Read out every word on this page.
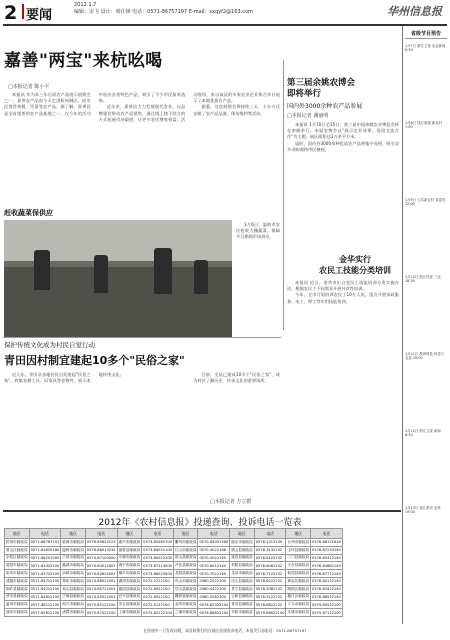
2 要闻
2012.1.7
编辑：宋飞 设计：蔡仕锋 电话：0571-86757197 E-mail：sxqyf2@163.com	华州信息报
嘉善"两宝"来杭吆喝
□本报记者 陈小平

本报讯 作为本三年后原农产品展示展销会之一，嘉善农产品再今天走进杭州城区，向市民推荐黄桃、雪菜等农产品。据了解，嘉善县是全省重要的农产品基地之一，在今年的活动中展出各类特色产品，吸引了不少市民前来选购。

近年来，嘉善县大力发展现代农业，以品牌建设带动农产品销售，通过线上线下结合的方式拓展市场渠道，让更多农民增收致富。活动现场，来自该县的多家农业企业和合作社展示了本地优质农产品。

据悉，这次展销会将持续三天，主办方还安排了农产品品鉴、现场签约等活动。

第三届余姚农博会
即将举行
国内外3000余种农产品参展
□本报记者 谢丽明

本报讯 1月10日至15日，第三届中国余姚农业博览会将在余姚举行。本届农博会以"展示农业成果、促进交流合作"为主题，展区面积达3万余平方米。

届时，国内外3000余种优质农产品将集中亮相，吸引众多采购商和市民参观。

赶收蔬菜保供应

1月6日，温岭市农民抢收大棚蔬菜，保障节日期间市场供应。

金华实行
农民工技能分类培训

本报讯 近日，金华市出台农民工技能培训分类实施办法，根据农民工不同需求开展针对性培训。

今年，全市计划培训农民工10万人次，重点开展家政服务、电工、焊工等实用技能培训。

保护传统文化成为村民自觉行动
青田因村制宜建起10多个"民俗之家"

近几年，青田县各地村民自发建起"民俗之家"，收集农耕工具、旧家具等老物件，展示本地传统文化。	目前，全县已建成10多个"民俗之家"，成为村民了解历史、传承文化的重要场所。

□本报记者 方立群
2012年《农村信息报》投递查询、投诉电话一览表
地区	电话	地区	电话	地区	电话	地区	电话	地区	电话	地区	电话
杭州市邮政局	0571-86767191	临海市邮政局	0576-85623123	嘉兴市邮政局	0573-82083700	衢州市邮政局	0570-83051560	丽水市邮政局	0578-2313130	台州市邮政局	0576-88121616
萧山区邮政局	0571-82620180	温岭市邮政局	0576-86013232	嘉善县邮政局	0573-84052100	江山市邮政局	0570-4022188	缙云县邮政局	0578-3132132	玉环县邮政局	0576-87233140
余杭区邮政局	0571-86207000	宁波市邮政局	0574-87100000	平湖市邮政局	0573-85012100	常山县邮政局	0570-5022140	遂昌县邮政局	0578-8122132	三门县邮政局	0576-83312140
富阳市邮政局	0571-63322100	慈溪市邮政局	0574-63012001	海宁市邮政局	0573-87213000	开化县邮政局	0570-6012140	松阳县邮政局	0578-8062132	天台县邮政局	0576-83882140
临安市邮政局	0571-63722100	余姚市邮政局	0574-62622001	桐乡市邮政局	0573-88023000	龙游县邮政局	0570-7022140	龙泉市邮政局	0578-7122132	仙居县邮政局	0576-87712140
建德市邮政局	0571-64722100	奉化市邮政局	0574-88522001	湖州市邮政局	0572-2122100	舟山市邮政局	0580-2022100	庆元县邮政局	0578-6222132	黄岩区邮政局	0576-84122140
桐庐县邮政局	0571-64222100	象山县邮政局	0574-65722001	德清县邮政局	0572-8422100	岱山县邮政局	0580-4422100	景宁县邮政局	0578-5082132	路桥区邮政局	0576-82422140
淳安县邮政局	0571-64822100	宁海县邮政局	0574-65522001	长兴县邮政局	0572-6022100	嵊泗县邮政局	0580-5082100	云和县邮政局	0578-5122132	椒江区邮政局	0576-88522140
温州市邮政局	0577-88222100	绍兴市邮政局	0575-85122100	安吉县邮政局	0572-5122100	金华市邮政局	0579-82322100	青田县邮政局	0578-6822132	义乌市邮政局	0579-85522100
瑞安市邮政局	0577-65822100	诸暨市邮政局	0575-87022100	上虞市邮政局	0575-82122100	兰溪市邮政局	0579-88822100	东阳市邮政局	0579-86622100	永康市邮政局	0579-87122100
在投递中一旦发现问题，请及时拨打所在地区投递查询电话。本报发行部电话：0571-86757197
省级节目预告
1月7日 浙江卫视 农业新闻 6:30
1月8日 钱江频道 新农村 7:00
1月9日 公共新农村 致富经 12:00
1月10日 浙江经视 三农 18:30
1月11日 教育科技 科技与农业 20:00
1月12日 浙江卫视 新闻 6:30
1月13日 钱江都市 农家 19:00
